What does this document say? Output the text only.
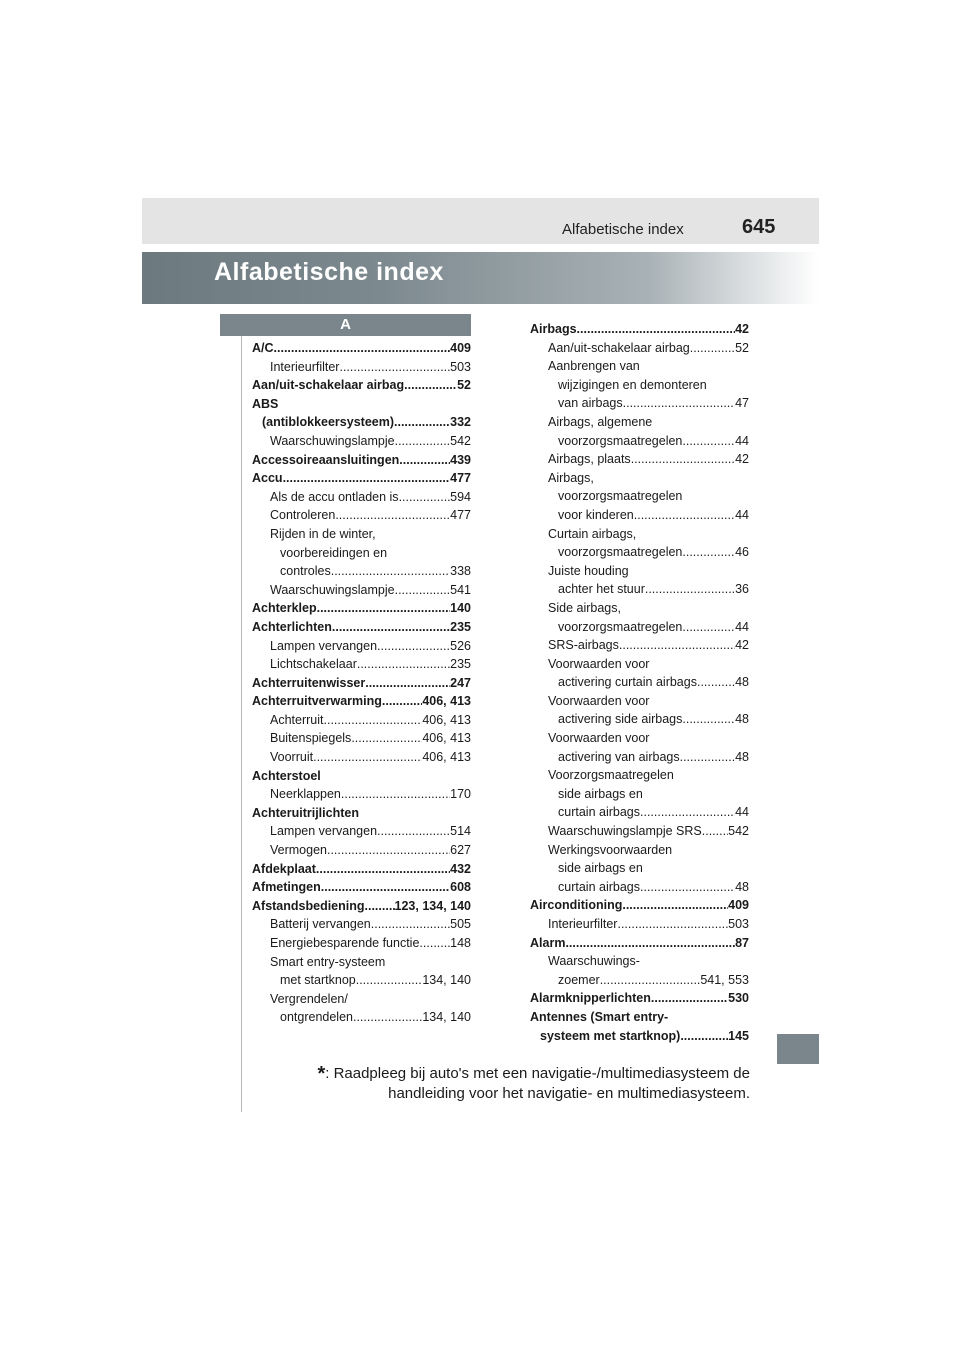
Alfabetische index	645
Alfabetische index
A
A/C .....	409
Interieurfilter .....	503
Aan/uit-schakelaar airbag .....	52
ABS
(antiblokkeersysteem) .....	332
Waarschuwingslampje .....	542
Accessoireaansluitingen .....	439
Accu .....	477
Als de accu ontladen is .....	594
Controleren .....	477
Rijden in de winter,
voorbereidingen en
controles .....	338
Waarschuwingslampje .....	541
Achterklep .....	140
Achterlichten .....	235
Lampen vervangen .....	526
Lichtschakelaar .....	235
Achterruitenwisser .....	247
Achterruitverwarming .....	406, 413
Achterruit .....	406, 413
Buitenspiegels .....	406, 413
Voorruit .....	406, 413
Achterstoel
Neerklappen .....	170
Achteruitrijlichten
Lampen vervangen .....	514
Vermogen .....	627
Afdekplaat .....	432
Afmetingen .....	608
Afstandsbediening ..... 123, 134, 140
Batterij vervangen .....	505
Energiebesparende functie ..... 148
Smart entry-systeem
met startknop .....	134, 140
Vergrendelen/
ontgrendelen .....	134, 140
Airbags .....	42
Aan/uit-schakelaar airbag .....	52
Aanbrengen van
wijzigingen en demonteren
van airbags .....	47
Airbags, algemene
voorzorgsmaatregelen .....	44
Airbags, plaats .....	42
Airbags,
voorzorgsmaatregelen
voor kinderen .....	44
Curtain airbags,
voorzorgsmaatregelen .....	46
Juiste houding
achter het stuur .....	36
Side airbags,
voorzorgsmaatregelen .....	44
SRS-airbags .....	42
Voorwaarden voor
activering curtain airbags .....	48
Voorwaarden voor
activering side airbags .....	48
Voorwaarden voor
activering van airbags .....	48
Voorzorgsmaatregelen
side airbags en
curtain airbags .....	44
Waarschuwingslampje SRS ..... 542
Werkingsvoorwaarden
side airbags en
curtain airbags .....	48
Airconditioning .....	409
Interieurfilter .....	503
Alarm .....	87
Waarschuwings-
zoemer .....	541, 553
Alarmknipperlichten .....	530
Antennes (Smart entry-
systeem met startknop) .....	145
*: Raadpleeg bij auto's met een navigatie-/multimediasysteem de
handleiding voor het navigatie- en multimediasysteem.
